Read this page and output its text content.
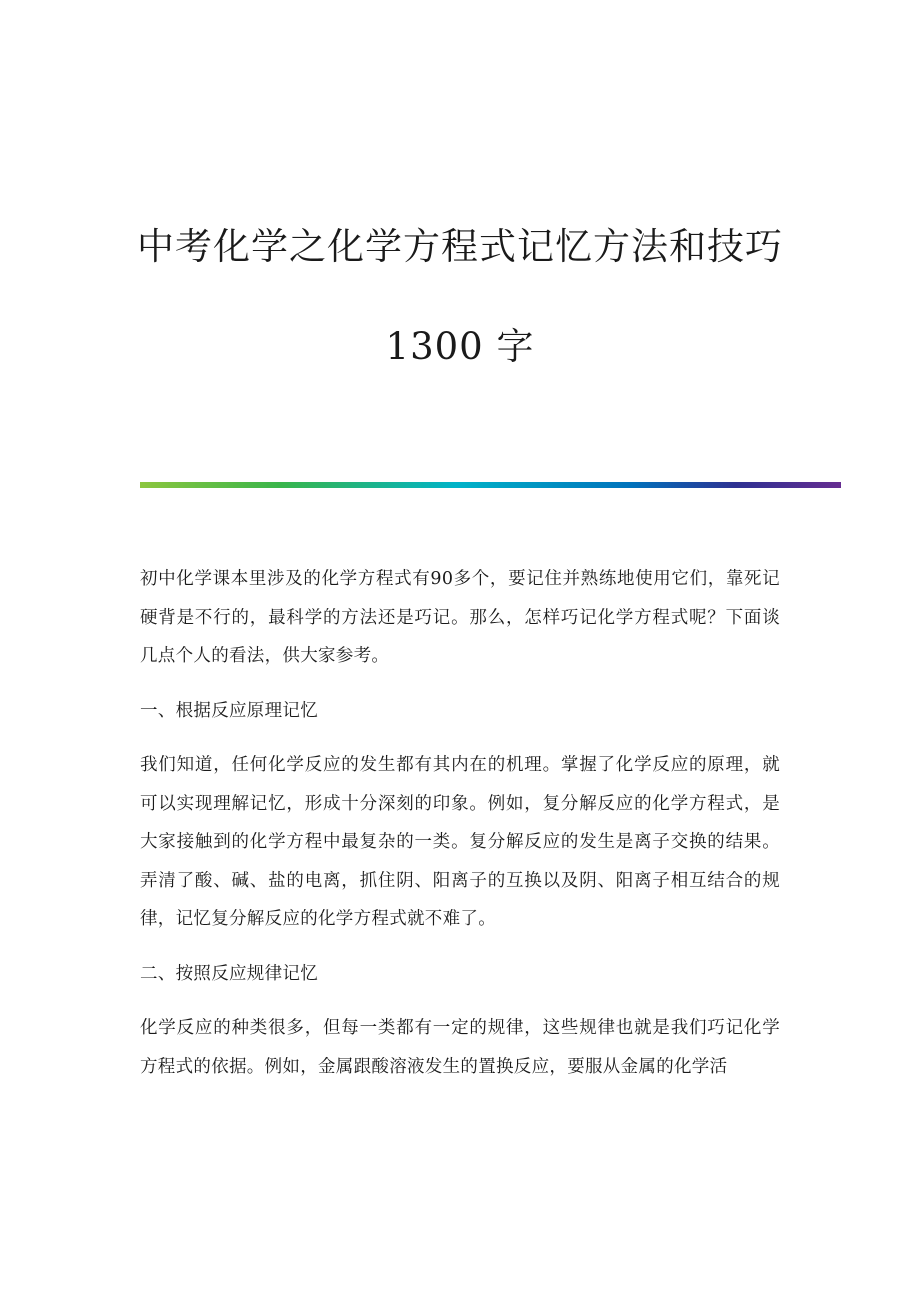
中考化学之化学方程式记忆方法和技巧
1300 字

初中化学课本里涉及的化学方程式有90多个，要记住并熟练地使用它们，靠死记硬背是不行的，最科学的方法还是巧记。那么，怎样巧记化学方程式呢？下面谈几点个人的看法，供大家参考。

一、根据反应原理记忆

我们知道，任何化学反应的发生都有其内在的机理。掌握了化学反应的原理，就可以实现理解记忆，形成十分深刻的印象。例如，复分解反应的化学方程式，是大家接触到的化学方程中最复杂的一类。复分解反应的发生是离子交换的结果。弄清了酸、碱、盐的电离，抓住阴、阳离子的互换以及阴、阳离子相互结合的规律，记忆复分解反应的化学方程式就不难了。

二、按照反应规律记忆

化学反应的种类很多，但每一类都有一定的规律，这些规律也就是我们巧记化学方程式的依据。例如，金属跟酸溶液发生的置换反应，要服从金属的化学活
